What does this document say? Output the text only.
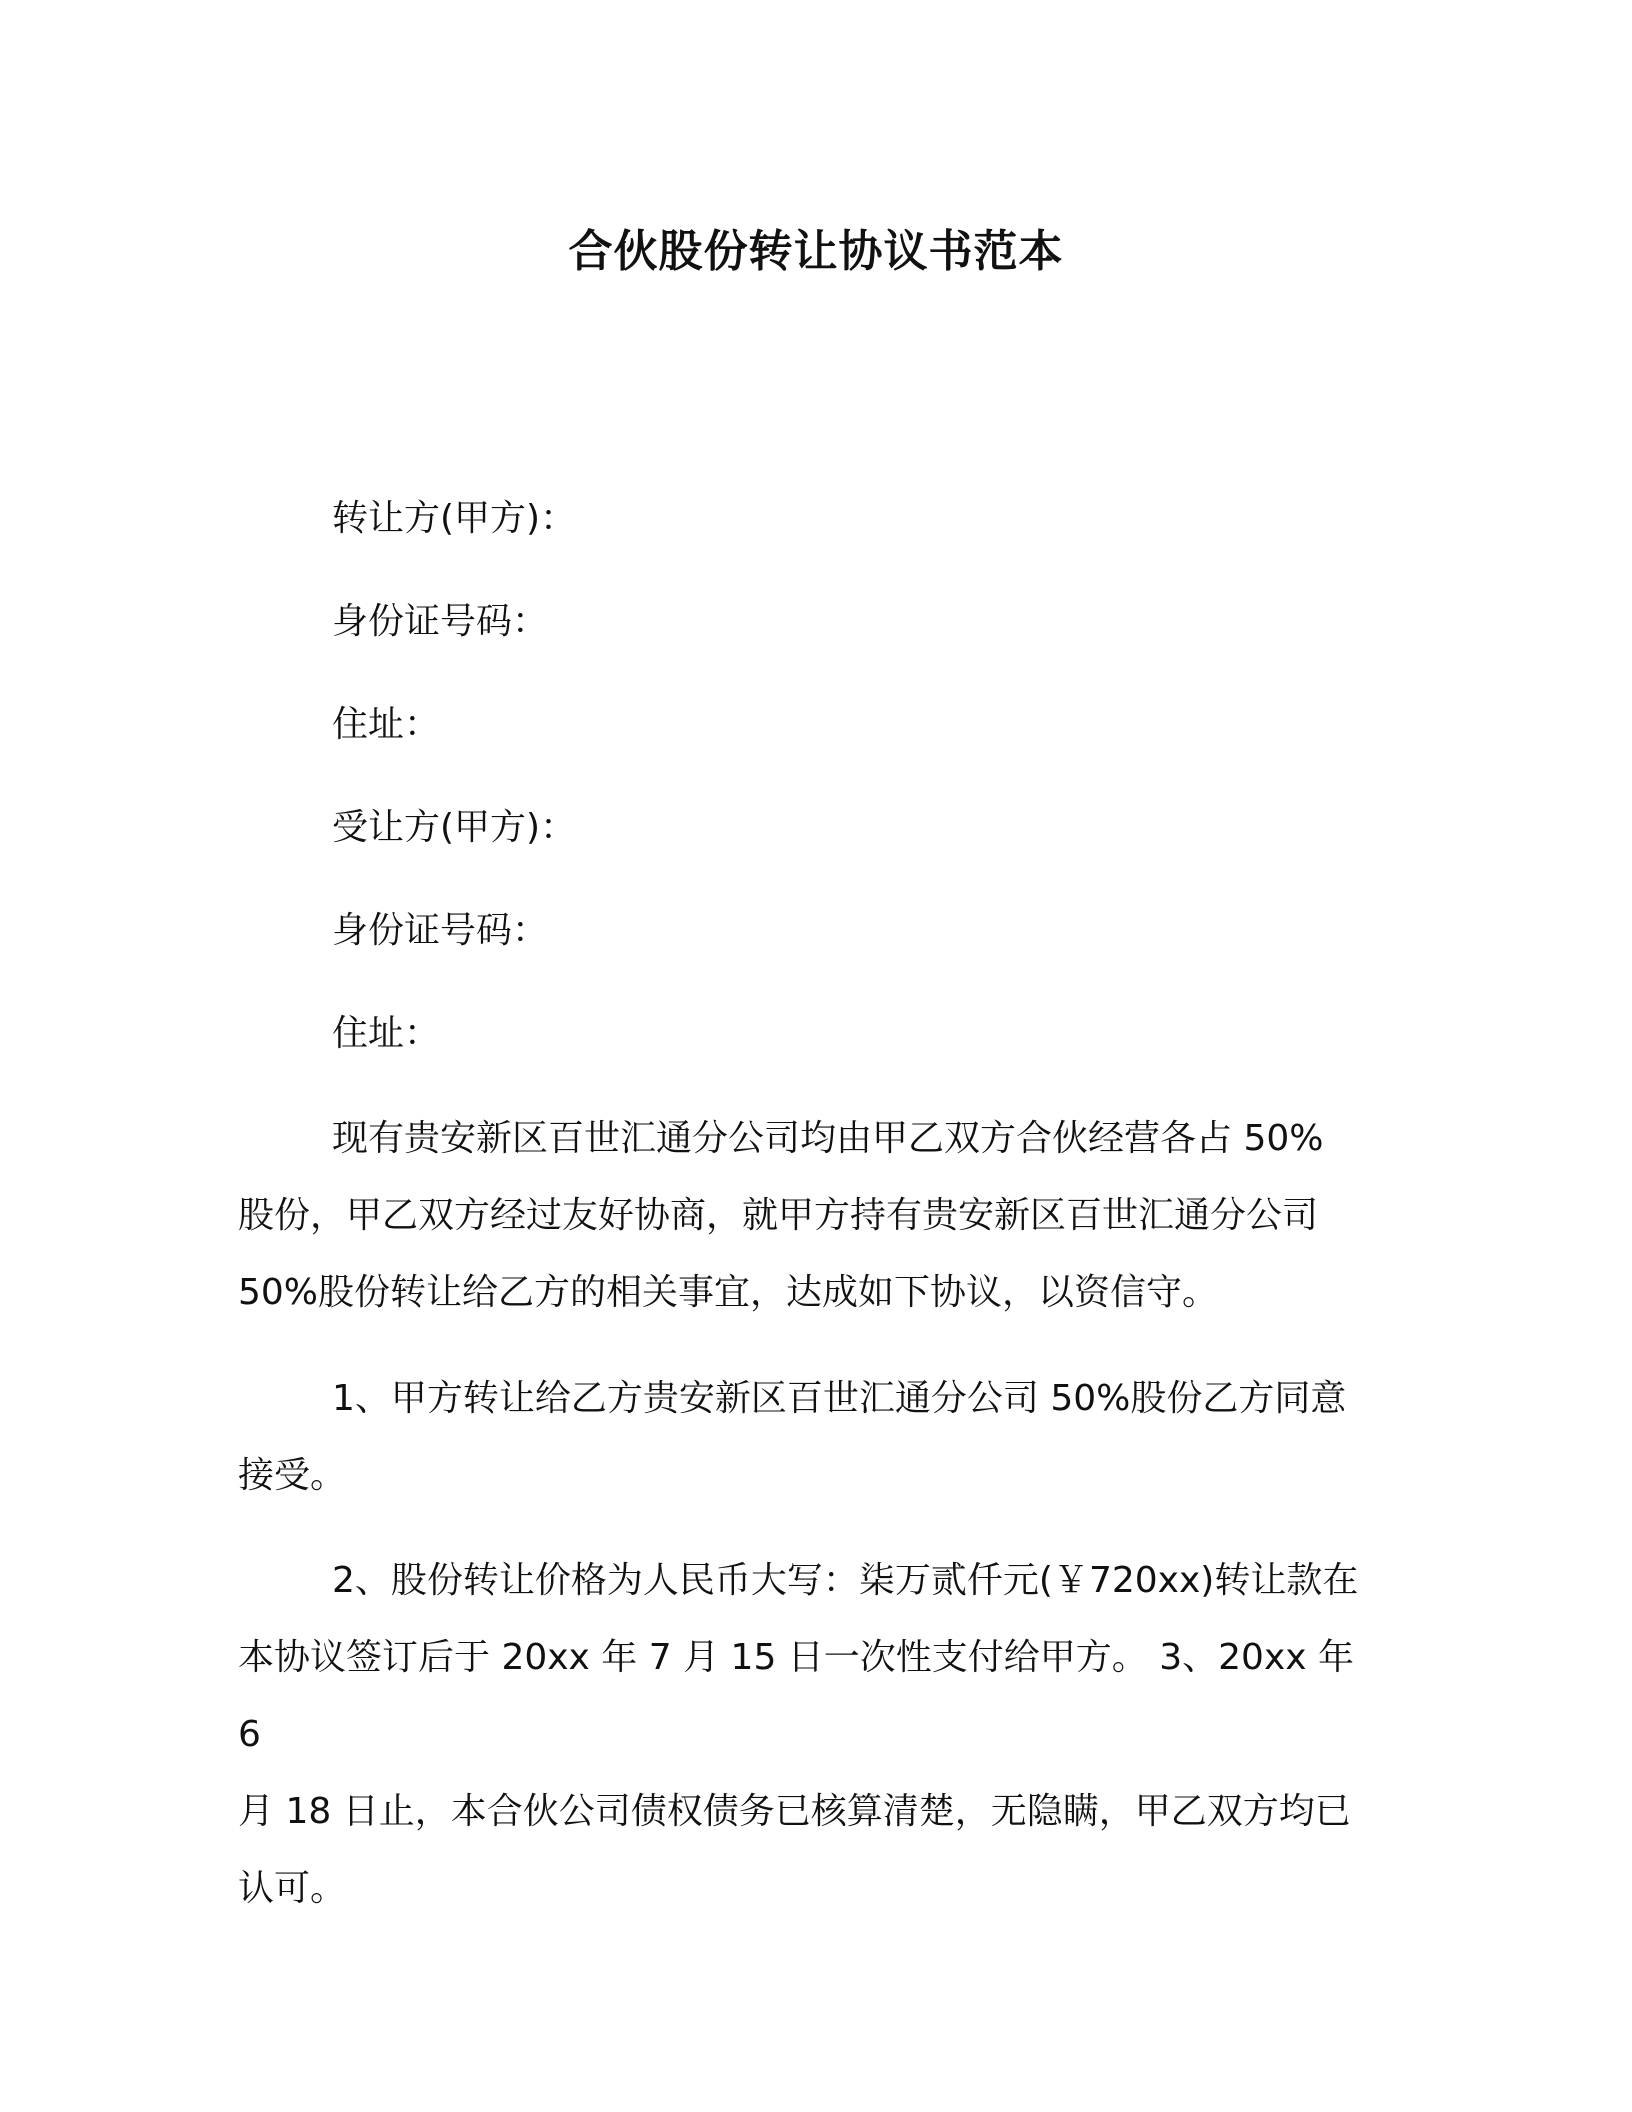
合伙股份转让协议书范本
转让方(甲方)：
身份证号码：
住址：
受让方(甲方)：
身份证号码：
住址：
现有贵安新区百世汇通分公司均由甲乙双方合伙经营各占 50%
股份，甲乙双方经过友好协商，就甲方持有贵安新区百世汇通分公司
50%股份转让给乙方的相关事宜，达成如下协议，以资信守。
1、甲方转让给乙方贵安新区百世汇通分公司 50%股份乙方同意
接受。
2、股份转让价格为人民币大写：柒万贰仟元(￥720xx)转让款在
本协议签订后于 20xx 年 7 月 15 日一次性支付给甲方。 3、20xx 年 6
月 18 日止，本合伙公司债权债务已核算清楚，无隐瞒，甲乙双方均已
认可。
